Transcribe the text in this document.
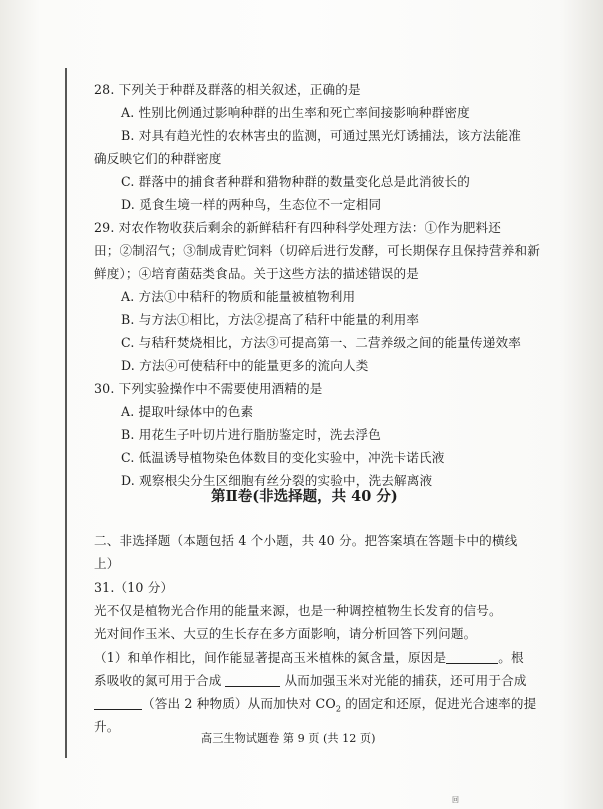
28. 下列关于种群及群落的相关叙述，正确的是
A. 性别比例通过影响种群的出生率和死亡率间接影响种群密度
B. 对具有趋光性的农林害虫的监测，可通过黑光灯诱捕法，该方法能准
确反映它们的种群密度
C. 群落中的捕食者种群和猎物种群的数量变化总是此消彼长的
D. 觅食生境一样的两种鸟，生态位不一定相同
29. 对农作物收获后剩余的新鲜秸秆有四种科学处理方法：①作为肥料还
田；②制沼气；③制成青贮饲料（切碎后进行发酵，可长期保存且保持营养和新
鲜度）；④培育菌菇类食品。关于这些方法的描述错误的是
A. 方法①中秸秆的物质和能量被植物利用
B. 与方法①相比，方法②提高了秸秆中能量的利用率
C. 与秸秆焚烧相比，方法③可提高第一、二营养级之间的能量传递效率
D. 方法④可使秸秆中的能量更多的流向人类
30. 下列实验操作中不需要使用酒精的是
A. 提取叶绿体中的色素
B. 用花生子叶切片进行脂肪鉴定时，洗去浮色
C. 低温诱导植物染色体数目的变化实验中，冲洗卡诺氏液
D. 观察根尖分生区细胞有丝分裂的实验中，洗去解离液
第Ⅱ卷(非选择题，共 40 分)
二、非选择题（本题包括 4 个小题，共 40 分。把答案填在答题卡中的横线
上）
31.（10 分）
光不仅是植物光合作用的能量来源，也是一种调控植物生长发育的信号。
光对间作玉米、大豆的生长存在多方面影响，请分析回答下列问题。
（1）和单作相比，间作能显著提高玉米植株的氮含量，原因是	。根
系吸收的氮可用于合成	从而加强玉米对光能的捕获，还可用于合成
（答出 2 种物质）从而加快对 $CO_2$ 的固定和还原，促进光合速率的提
升。
高三生物试题卷 第 9 页 (共 12 页)
回
